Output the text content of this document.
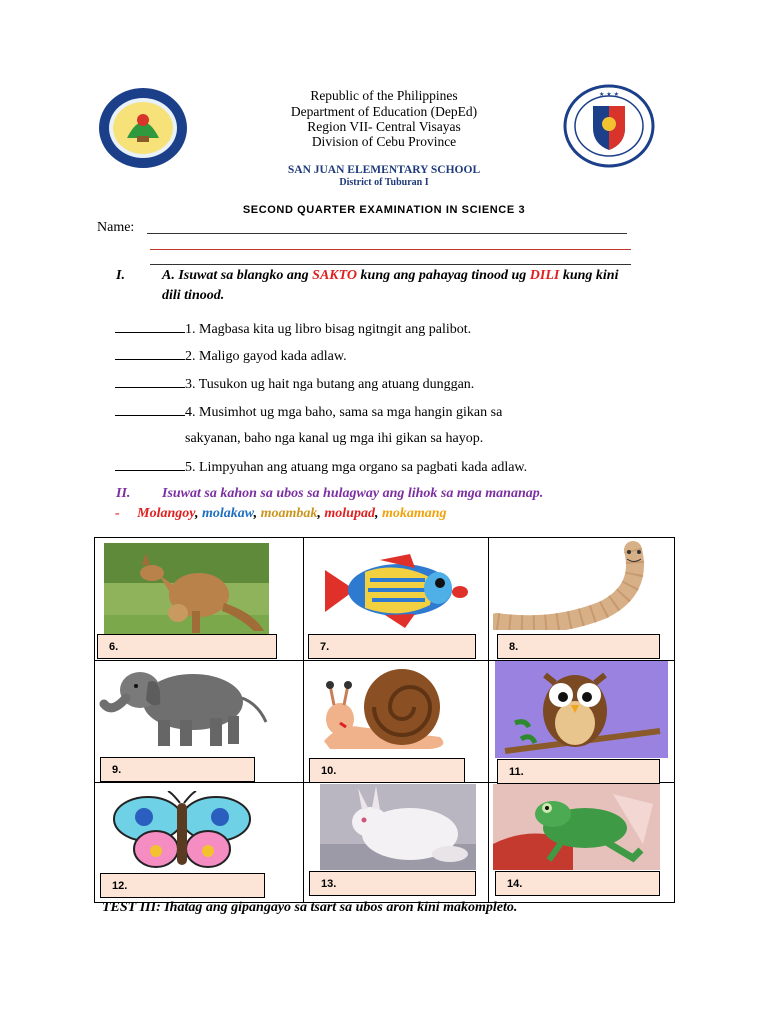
★ ★ ★
Republic of the Philippines
Department of Education (DepEd)
Region VII- Central Visayas
Division of Cebu Province
SAN JUAN ELEMENTARY SCHOOL
District of Tuburan I
SECOND QUARTER EXAMINATION IN SCIENCE 3
Name:
I.	A. Isuwat sa blangko ang SAKTO kung ang pahayag tinood ug DILI kung kini
dili tinood.
1. Magbasa kita ug libro bisag ngitngit ang palibot.
2. Maligo gayod kada adlaw.
3. Tusukon ug hait nga butang ang atuang dunggan.
4. Musimhot ug mga baho, sama sa mga hangin gikan sa
sakyanan, baho nga kanal ug mga ihi gikan sa hayop.
5. Limpyuhan ang atuang mga organo sa pagbati kada adlaw.
II. Isuwat sa kahon sa ubos sa hulagway ang lihok sa mga mananap.
- Molangoy, molakaw, moambak, molupad, mokamang
6.	7.	8.
9.	10.	11.
12.	13.	14.
TEST III: Ihatag ang gipangayo sa tsart sa ubos aron kini makompleto.
